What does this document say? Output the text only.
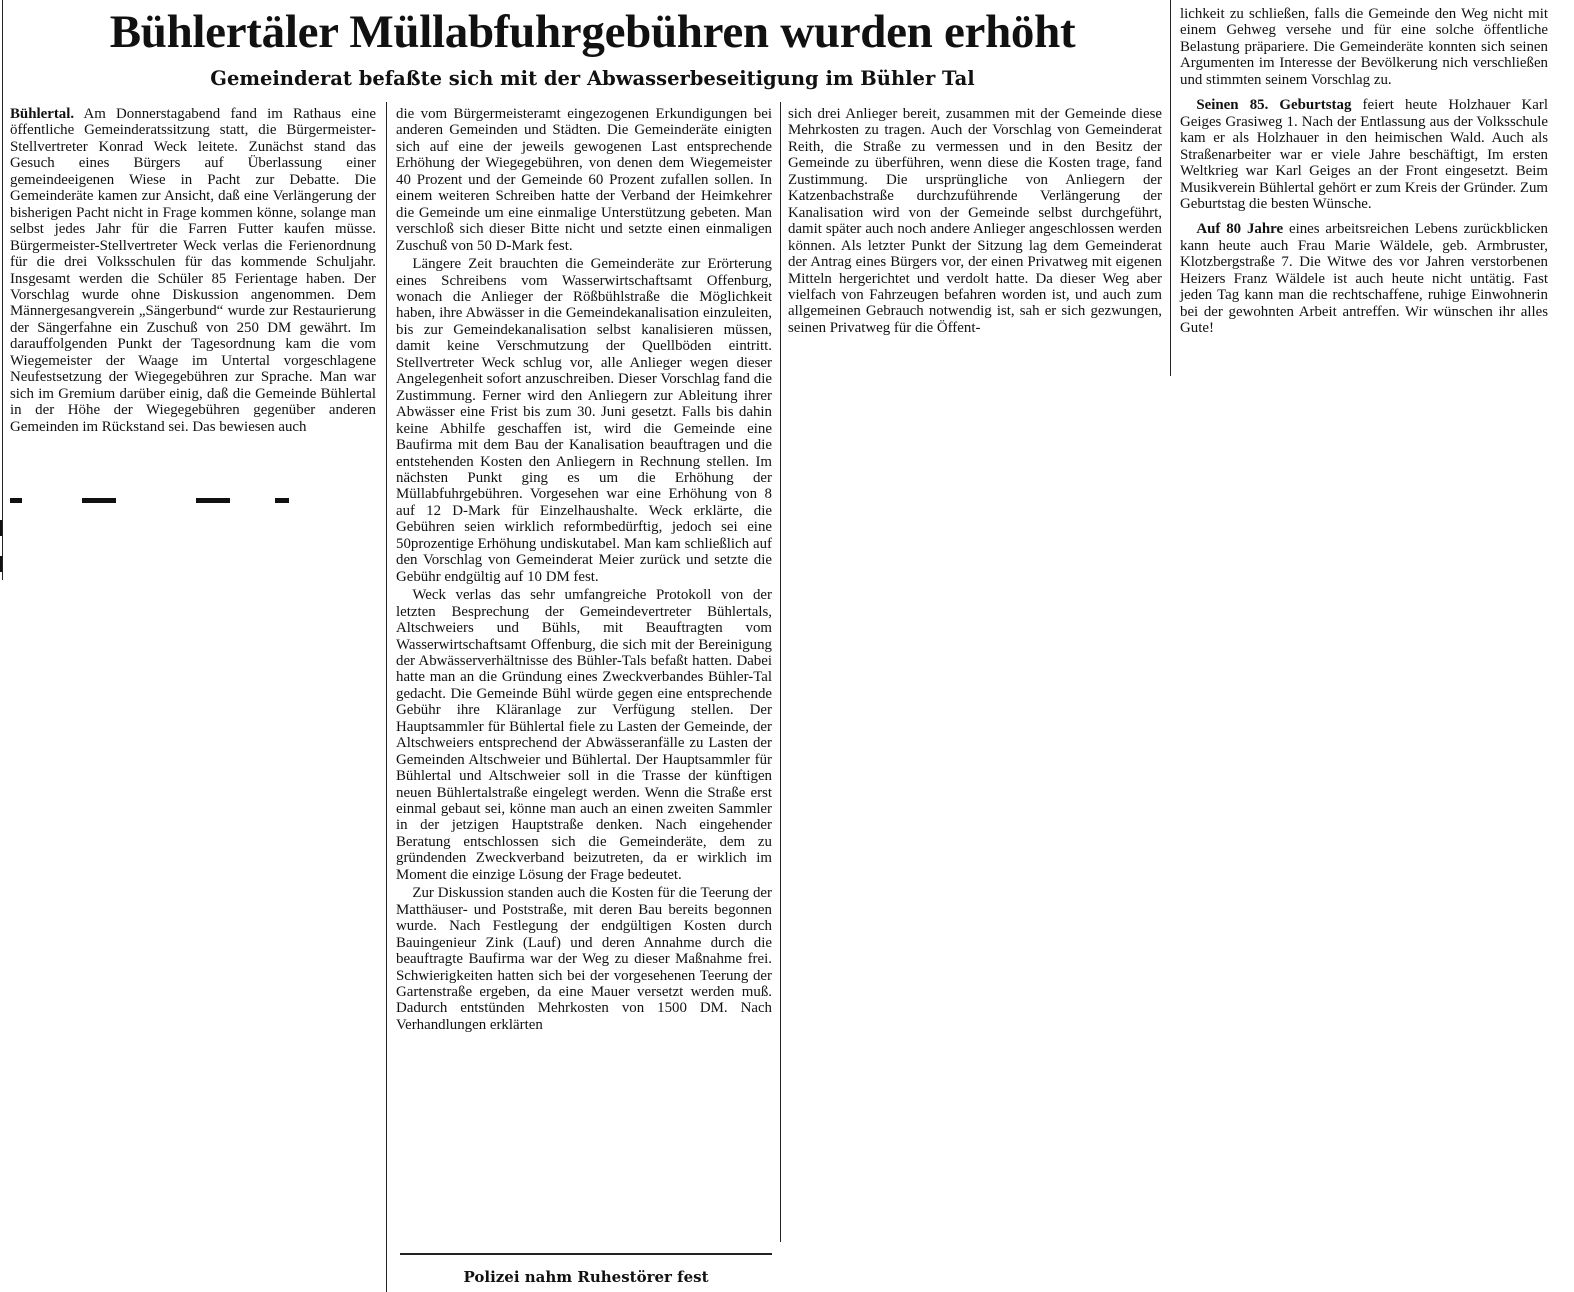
Bühlertäler Müllabfuhrgebühren wurden erhöht
Gemeinderat befaßte sich mit der Abwasserbeseitigung im Bühler Tal

Bühlertal. Am Donnerstagabend fand im Rathaus eine öffentliche Gemeinderatssitzung statt, die Bürgermeister-Stellvertreter Konrad Weck leitete. Zunächst stand das Gesuch eines Bürgers auf Überlassung einer gemeindeeigenen Wiese in Pacht zur Debatte. Die Gemeinderäte kamen zur Ansicht, daß eine Verlängerung der bisherigen Pacht nicht in Frage kommen könne, solange man selbst jedes Jahr für die Farren Futter kaufen müsse. Bürgermeister-Stellvertreter Weck verlas die Ferienordnung für die drei Volksschulen für das kommende Schuljahr. Insgesamt werden die Schüler 85 Ferientage haben. Der Vorschlag wurde ohne Diskussion angenommen. Dem Männergesangverein „Sängerbund“ wurde zur Restaurierung der Sängerfahne ein Zuschuß von 250 DM gewährt. Im darauffolgenden Punkt der Tagesordnung kam die vom Wiegemeister der Waage im Untertal vorgeschlagene Neufestsetzung der Wiegegebühren zur Sprache. Man war sich im Gremium darüber einig, daß die Gemeinde Bühlertal in der Höhe der Wiegegebühren gegenüber anderen Gemeinden im Rückstand sei. Das bewiesen auch

die vom Bürgermeisteramt eingezogenen Erkundigungen bei anderen Gemeinden und Städten. Die Gemeinderäte einigten sich auf eine der jeweils gewogenen Last entsprechende Erhöhung der Wiegegebühren, von denen dem Wiegemeister 40 Prozent und der Gemeinde 60 Prozent zufallen sollen. In einem weiteren Schreiben hatte der Verband der Heimkehrer die Gemeinde um eine einmalige Unterstützung gebeten. Man verschloß sich dieser Bitte nicht und setzte einen einmaligen Zuschuß von 50 D-Mark fest.

Längere Zeit brauchten die Gemeinderäte zur Erörterung eines Schreibens vom Wasserwirtschaftsamt Offenburg, wonach die Anlieger der Rößbühlstraße die Möglichkeit haben, ihre Abwässer in die Gemeindekanalisation einzuleiten, bis zur Gemeindekanalisation selbst kanalisieren müssen, damit keine Verschmutzung der Quellböden eintritt. Stellvertreter Weck schlug vor, alle Anlieger wegen dieser Angelegenheit sofort anzuschreiben. Dieser Vorschlag fand die Zustimmung. Ferner wird den Anliegern zur Ableitung ihrer Abwässer eine Frist bis zum 30. Juni gesetzt. Falls bis dahin keine Abhilfe geschaffen ist, wird die Gemeinde eine Baufirma mit dem Bau der Kanalisation beauftragen und die entstehenden Kosten den Anliegern in Rechnung stellen. Im nächsten Punkt ging es um die Erhöhung der Müllabfuhrgebühren. Vorgesehen war eine Erhöhung von 8 auf 12 D-Mark für Einzelhaushalte. Weck erklärte, die Gebühren seien wirklich reformbedürftig, jedoch sei eine 50prozentige Erhöhung undiskutabel. Man kam schließlich auf den Vorschlag von Gemeinderat Meier zurück und setzte die Gebühr endgültig auf 10 DM fest.

Weck verlas das sehr umfangreiche Protokoll von der letzten Besprechung der Gemeindevertreter Bühlertals, Altschweiers und Bühls, mit Beauftragten vom Wasserwirtschaftsamt Offenburg, die sich mit der Bereinigung der Abwässerverhältnisse des Bühler-Tals befaßt hatten. Dabei hatte man an die Gründung eines Zweckverbandes Bühler-Tal gedacht. Die Gemeinde Bühl würde gegen eine entsprechende Gebühr ihre Kläranlage zur Verfügung stellen. Der Hauptsammler für Bühlertal fiele zu Lasten der Gemeinde, der Altschweiers entsprechend der Abwässeranfälle zu Lasten der Gemeinden Altschweier und Bühlertal. Der Hauptsammler für Bühlertal und Altschweier soll in die Trasse der künftigen neuen Bühlertalstraße eingelegt werden. Wenn die Straße erst einmal gebaut sei, könne man auch an einen zweiten Sammler in der jetzigen Hauptstraße denken. Nach eingehender Beratung entschlossen sich die Gemeinderäte, dem zu gründenden Zweckverband beizutreten, da er wirklich im Moment die einzige Lösung der Frage bedeutet.

Zur Diskussion standen auch die Kosten für die Teerung der Matthäuser- und Poststraße, mit deren Bau bereits begonnen wurde. Nach Festlegung der endgültigen Kosten durch Bauingenieur Zink (Lauf) und deren Annahme durch die beauftragte Baufirma war der Weg zu dieser Maßnahme frei. Schwierigkeiten hatten sich bei der vorgesehenen Teerung der Gartenstraße ergeben, da eine Mauer versetzt werden muß. Dadurch entstünden Mehrkosten von 1500 DM. Nach Verhandlungen erklärten

Polizei nahm Ruhestörer fest

sich drei Anlieger bereit, zusammen mit der Gemeinde diese Mehrkosten zu tragen. Auch der Vorschlag von Gemeinderat Reith, die Straße zu vermessen und in den Besitz der Gemeinde zu überführen, wenn diese die Kosten trage, fand Zustimmung. Die ursprüngliche von Anliegern der Katzenbachstraße durchzuführende Verlängerung der Kanalisation wird von der Gemeinde selbst durchgeführt, damit später auch noch andere Anlieger angeschlossen werden können. Als letzter Punkt der Sitzung lag dem Gemeinderat der Antrag eines Bürgers vor, der einen Privatweg mit eigenen Mitteln hergerichtet und verdolt hatte. Da dieser Weg aber vielfach von Fahrzeugen befahren worden ist, und auch zum allgemeinen Gebrauch notwendig ist, sah er sich gezwungen, seinen Privatweg für die Öffent-

lichkeit zu schließen, falls die Gemeinde den Weg nicht mit einem Gehweg versehe und für eine solche öffentliche Belastung präpariere. Die Gemeinderäte konnten sich seinen Argumenten im Interesse der Bevölkerung nich verschließen und stimmten seinem Vorschlag zu.

Seinen 85. Geburtstag feiert heute Holzhauer Karl Geiges Grasiweg 1. Nach der Entlassung aus der Volksschule kam er als Holzhauer in den heimischen Wald. Auch als Straßenarbeiter war er viele Jahre beschäftigt, Im ersten Weltkrieg war Karl Geiges an der Front eingesetzt. Beim Musikverein Bühlertal gehört er zum Kreis der Gründer. Zum Geburtstag die besten Wünsche.

Auf 80 Jahre eines arbeitsreichen Lebens zurückblicken kann heute auch Frau Marie Wäldele, geb. Armbruster, Klotzbergstraße 7. Die Witwe des vor Jahren verstorbenen Heizers Franz Wäldele ist auch heute nicht untätig. Fast jeden Tag kann man die rechtschaffene, ruhige Einwohnerin bei der gewohnten Arbeit antreffen. Wir wünschen ihr alles Gute!
